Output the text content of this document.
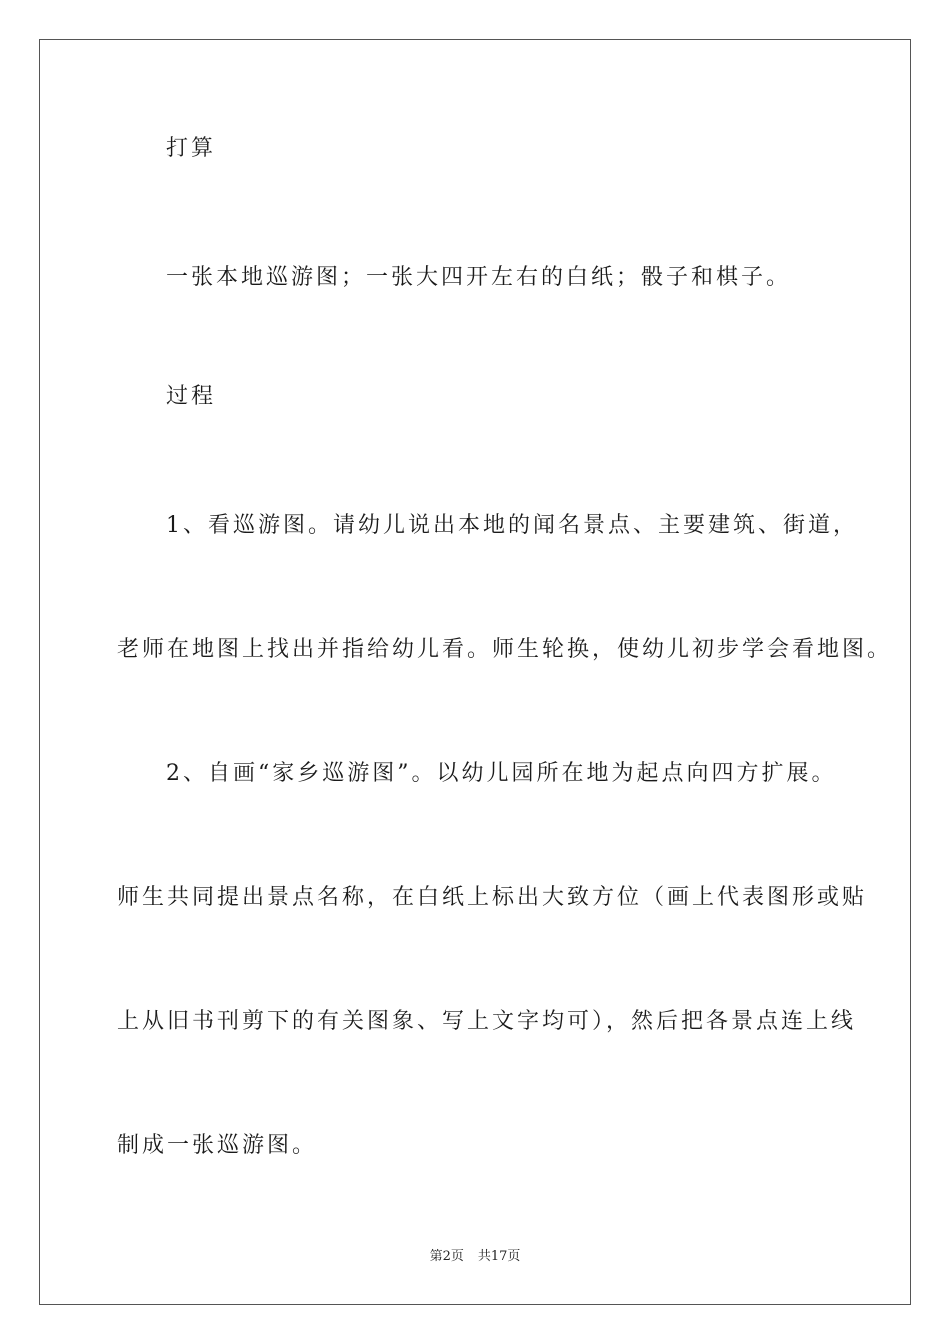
打算
一张本地巡游图；一张大四开左右的白纸；骰子和棋子。
过程
1、看巡游图。请幼儿说出本地的闻名景点、主要建筑、街道，
老师在地图上找出并指给幼儿看。师生轮换，使幼儿初步学会看地图。
2、自画“家乡巡游图”。以幼儿园所在地为起点向四方扩展。
师生共同提出景点名称，在白纸上标出大致方位（画上代表图形或贴
上从旧书刊剪下的有关图象、写上文字均可），然后把各景点连上线
制成一张巡游图。
第2页 共17页
